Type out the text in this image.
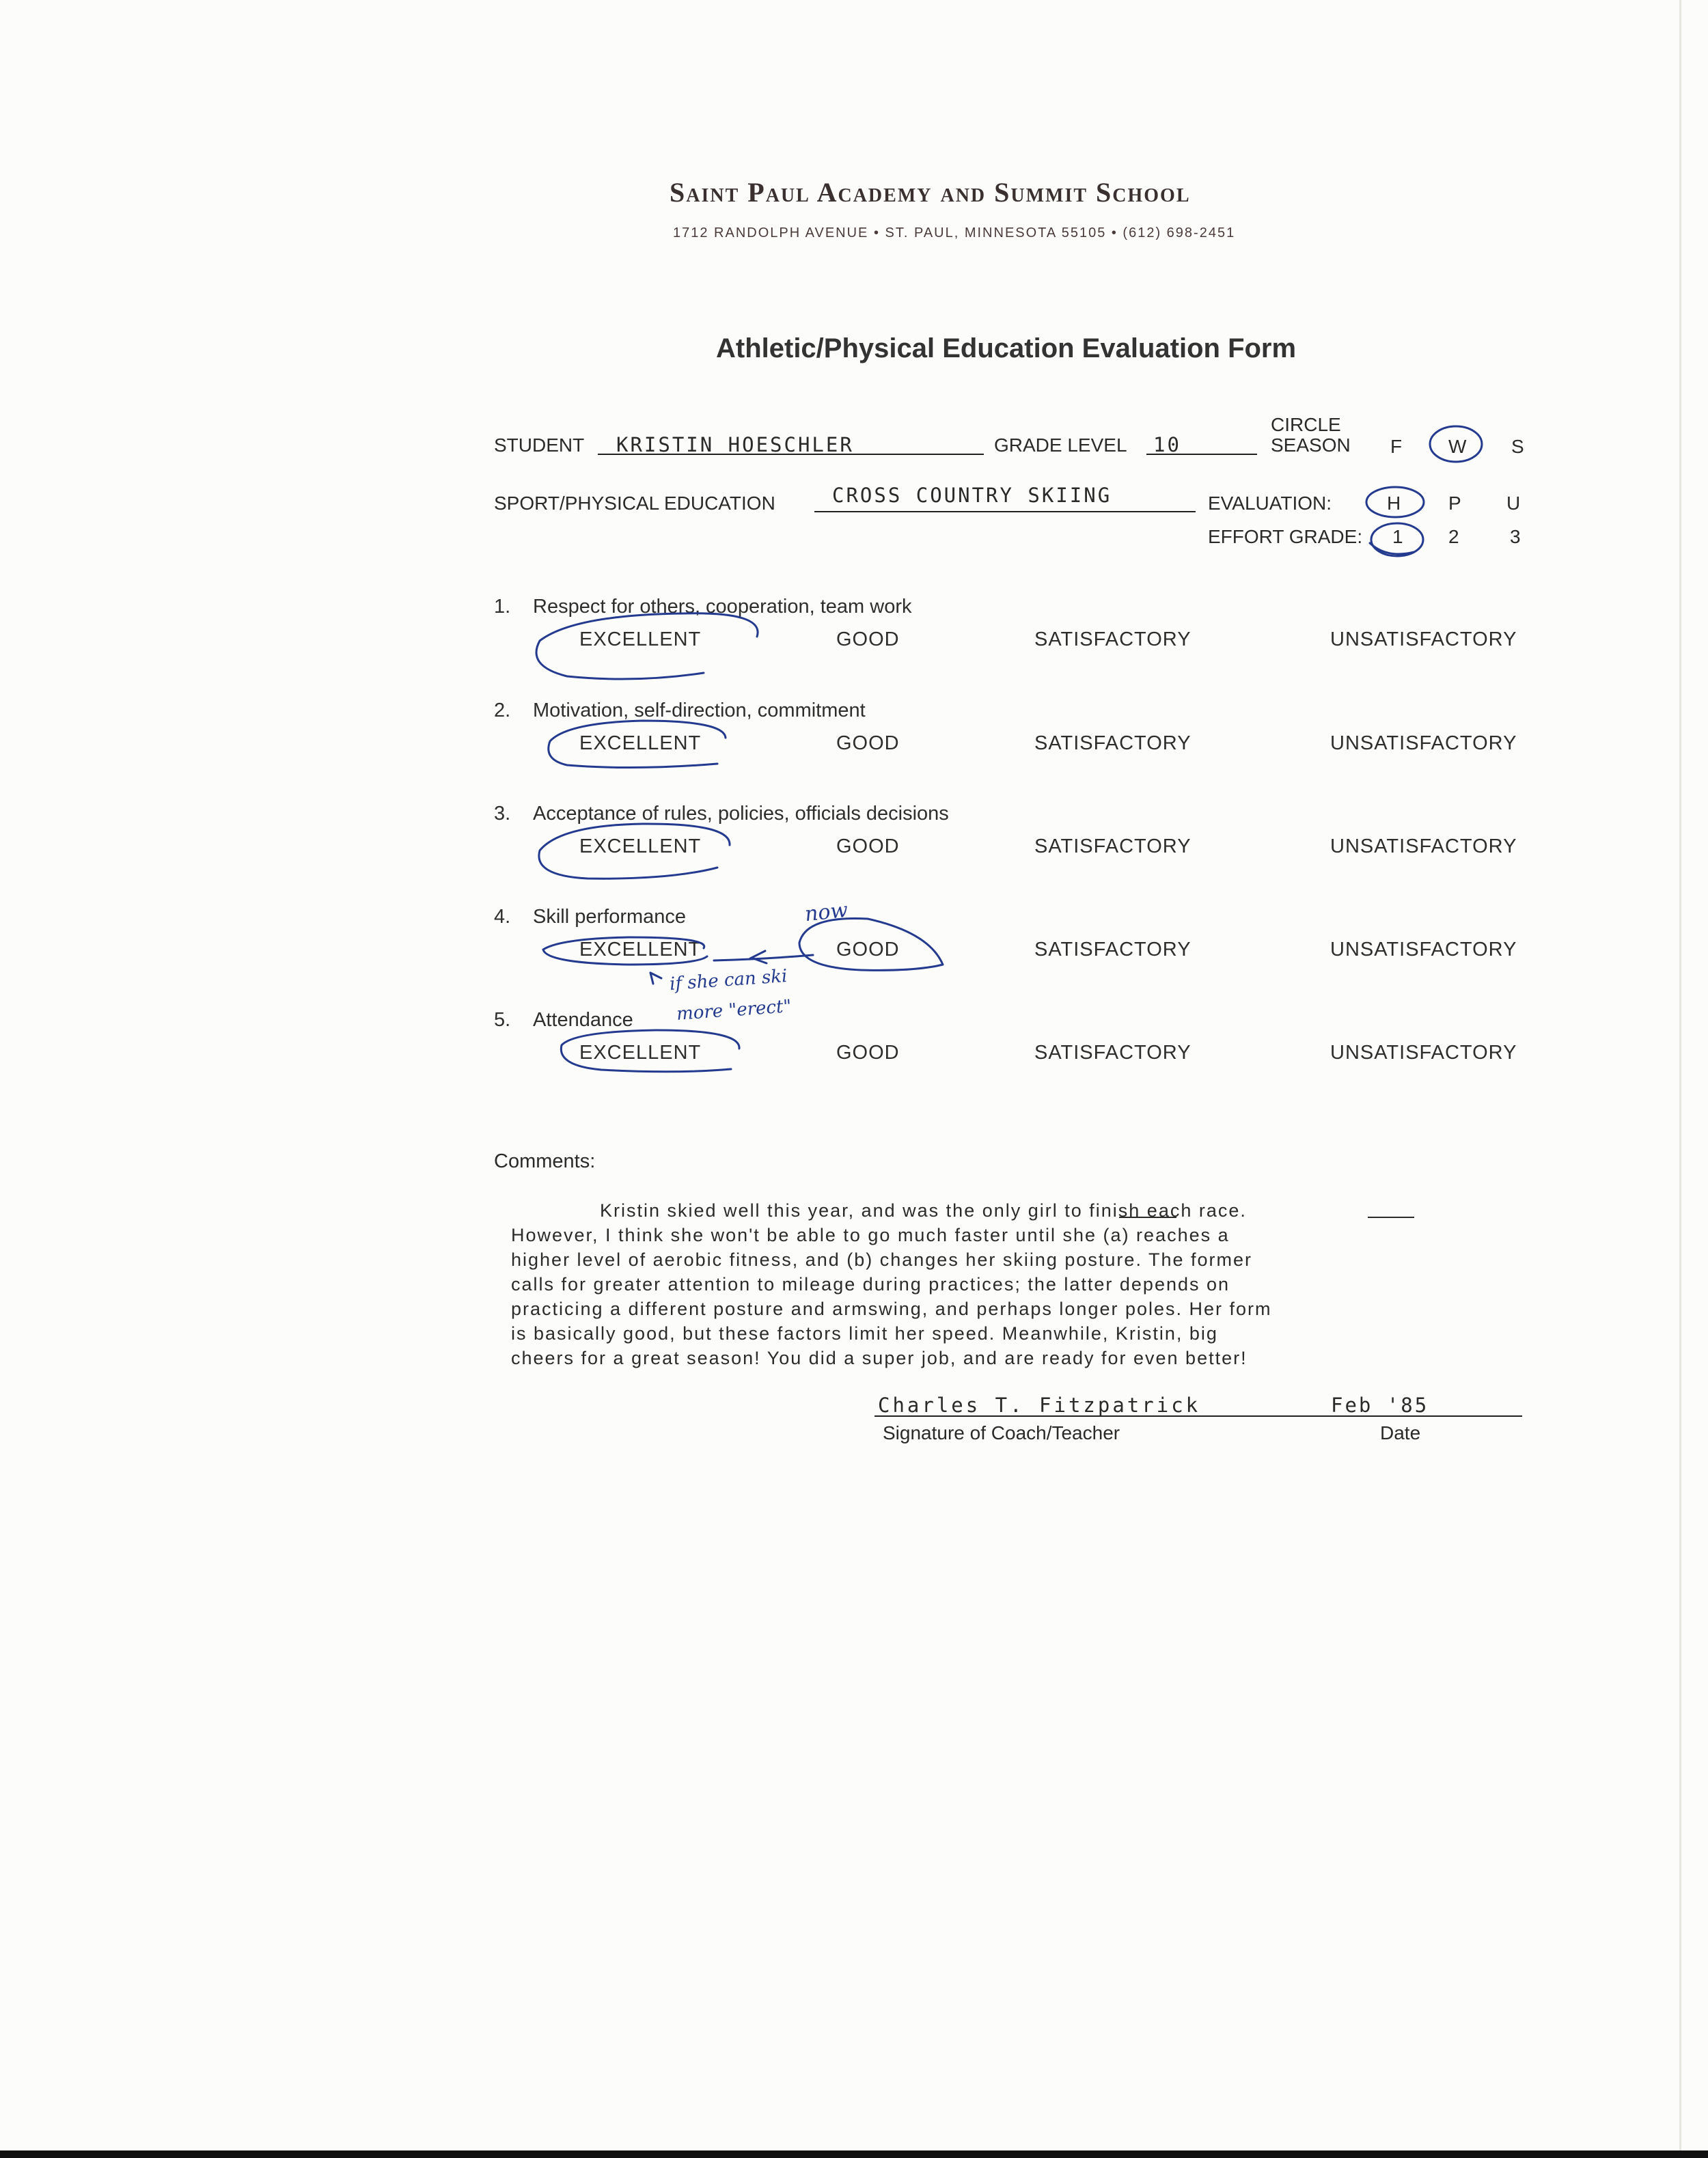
Saint Paul Academy and Summit School
1712 RANDOLPH AVENUE • ST. PAUL, MINNESOTA 55105 • (612) 698-2451
Athletic/Physical Education Evaluation Form
STUDENT KRISTIN HOESCHLER	GRADE LEVEL 10
CIRCLE
SEASON F W S
SPORT/PHYSICAL EDUCATION	CROSS COUNTRY SKIING	EVALUATION:	H P U
EFFORT GRADE: 1 2	3
1. Respect for others, cooperation, team work
EXCELLENT	GOOD	SATISFACTORY	UNSATISFACTORY
2. Motivation, self-direction, commitment
EXCELLENT	GOOD	SATISFACTORY	UNSATISFACTORY
3. Acceptance of rules, policies, officials decisions
EXCELLENT	GOOD	SATISFACTORY	UNSATISFACTORY
4. Skill performance
EXCELLENT	GOOD	SATISFACTORY	UNSATISFACTORY
5. Attendance
EXCELLENT	GOOD	SATISFACTORY	UNSATISFACTORY
now
if she can ski
more "erect"
Comments:
Kristin skied well this year, and was the only girl to finish each race.
However, I think she won't be able to go much faster until she (a) reaches a
higher level of aerobic fitness, and (b) changes her skiing posture. The former
calls for greater attention to mileage during practices; the latter depends on
practicing a different posture and armswing, and perhaps longer poles. Her form
is basically good, but these factors limit her speed. Meanwhile, Kristin, big
cheers for a great season! You did a super job, and are ready for even better!
Charles T. Fitzpatrick	Feb '85
Signature of Coach/Teacher	Date
